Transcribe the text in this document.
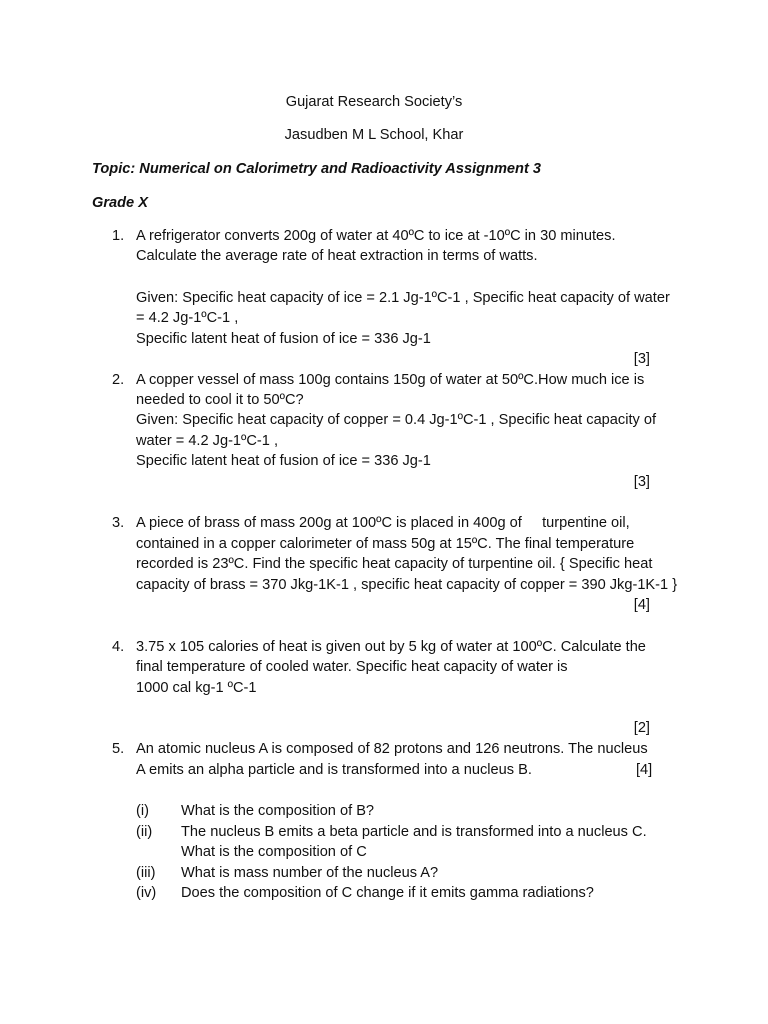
Gujarat Research Society’s
Jasudben M L School, Khar
Topic: Numerical on Calorimetry and Radioactivity Assignment 3
Grade X
1. A refrigerator converts 200g of water at 40ºC to ice at -10ºC in 30 minutes.
Calculate the average rate of heat extraction in terms of watts.
Given: Specific heat capacity of ice = 2.1 Jg-1ºC-1 , Specific heat capacity of water
= 4.2 Jg-1ºC-1 ,
Specific latent heat of fusion of ice = 336 Jg-1
[3]
2. A copper vessel of mass 100g contains 150g of water at 50ºC.How much ice is
needed to cool it to 50ºC?
Given: Specific heat capacity of copper = 0.4 Jg-1ºC-1 , Specific heat capacity of
water = 4.2 Jg-1ºC-1 ,
Specific latent heat of fusion of ice = 336 Jg-1
[3]
3. A piece of brass of mass 200g at 100ºC is placed in 400g of     turpentine oil,
contained in a copper calorimeter of mass 50g at 15ºC. The final temperature
recorded is 23ºC. Find the specific heat capacity of turpentine oil. { Specific heat
capacity of brass = 370 Jkg-1K-1 , specific heat capacity of copper = 390 Jkg-1K-1 }
[4]
4. 3.75 x 105 calories of heat is given out by 5 kg of water at 100ºC. Calculate the
final temperature of cooled water. Specific heat capacity of water is
1000 cal kg-1 ºC-1
[2]
5. An atomic nucleus A is composed of 82 protons and 126 neutrons. The nucleus
A emits an alpha particle and is transformed into a nucleus B.	[4]
(i) What is the composition of B?
(ii) The nucleus B emits a beta particle and is transformed into a nucleus C.
What is the composition of C
(iii) What is mass number of the nucleus A?
(iv) Does the composition of C change if it emits gamma radiations?
